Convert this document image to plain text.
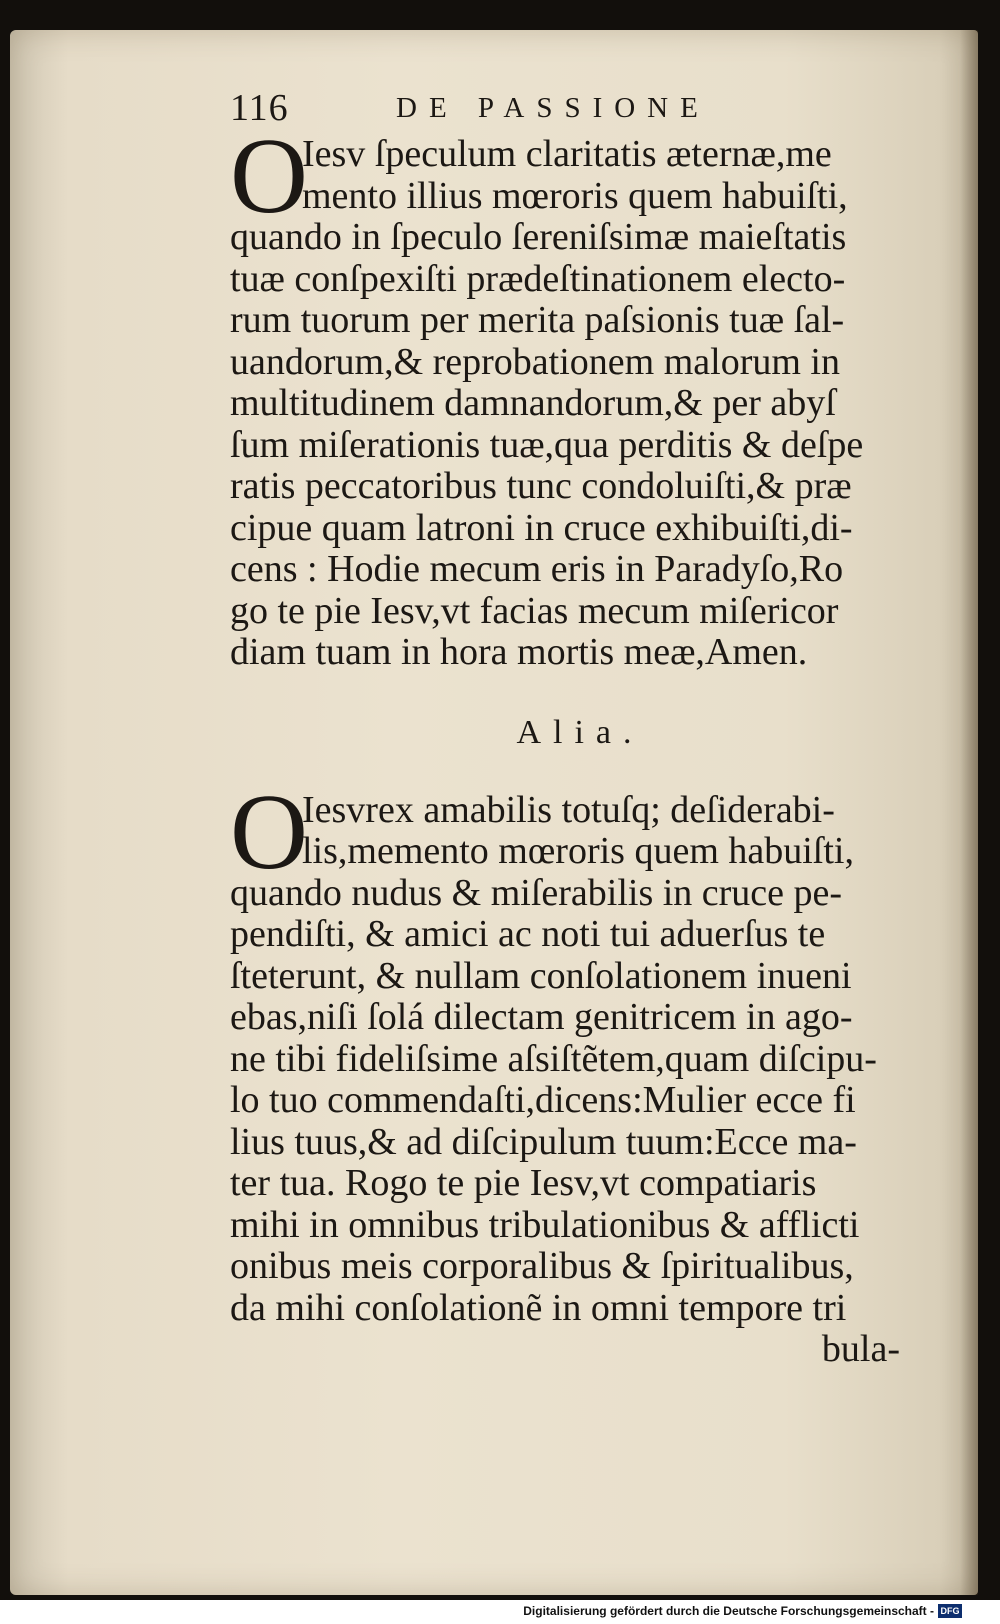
116	DE PASSIONE
O
Iesv ſpeculum claritatis æternæ,me
mento illius mœroris quem habuiſti,
quando in ſpeculo ſereniſsimæ maieſtatis
tuæ conſpexiſti prædeſtinationem electo-
rum tuorum per merita paſsionis tuæ ſal-
uandorum,& reprobationem malorum in
multitudinem damnandorum,& per abyſ
ſum miſerationis tuæ,qua perditis & deſpe
ratis peccatoribus tunc condoluiſti,& præ
cipue quam latroni in cruce exhibuiſti,di-
cens : Hodie mecum eris in Paradyſo,Ro
go te pie Iesv,vt facias mecum miſericor
diam tuam in hora mortis meæ,Amen.
Alia.
O
Iesvrex amabilis totuſq; deſiderabi-
lis,memento mœroris quem habuiſti,
quando nudus & miſerabilis in cruce pe-
pendiſti, & amici ac noti tui aduerſus te
ſteterunt, & nullam conſolationem inueni
ebas,niſi ſolá dilectam genitricem in ago-
ne tibi fideliſsime aſsiſtẽtem,quam diſcipu-
lo tuo commendaſti,dicens:Mulier ecce fi
lius tuus,& ad diſcipulum tuum:Ecce ma-
ter tua. Rogo te pie Iesv,vt compatiaris
mihi in omnibus tribulationibus & afflicti
onibus meis corporalibus & ſpiritualibus,
da mihi conſolationẽ in omni tempore tri
bula-
Digitalisierung gefördert durch die Deutsche Forschungsgemeinschaft - DFG
